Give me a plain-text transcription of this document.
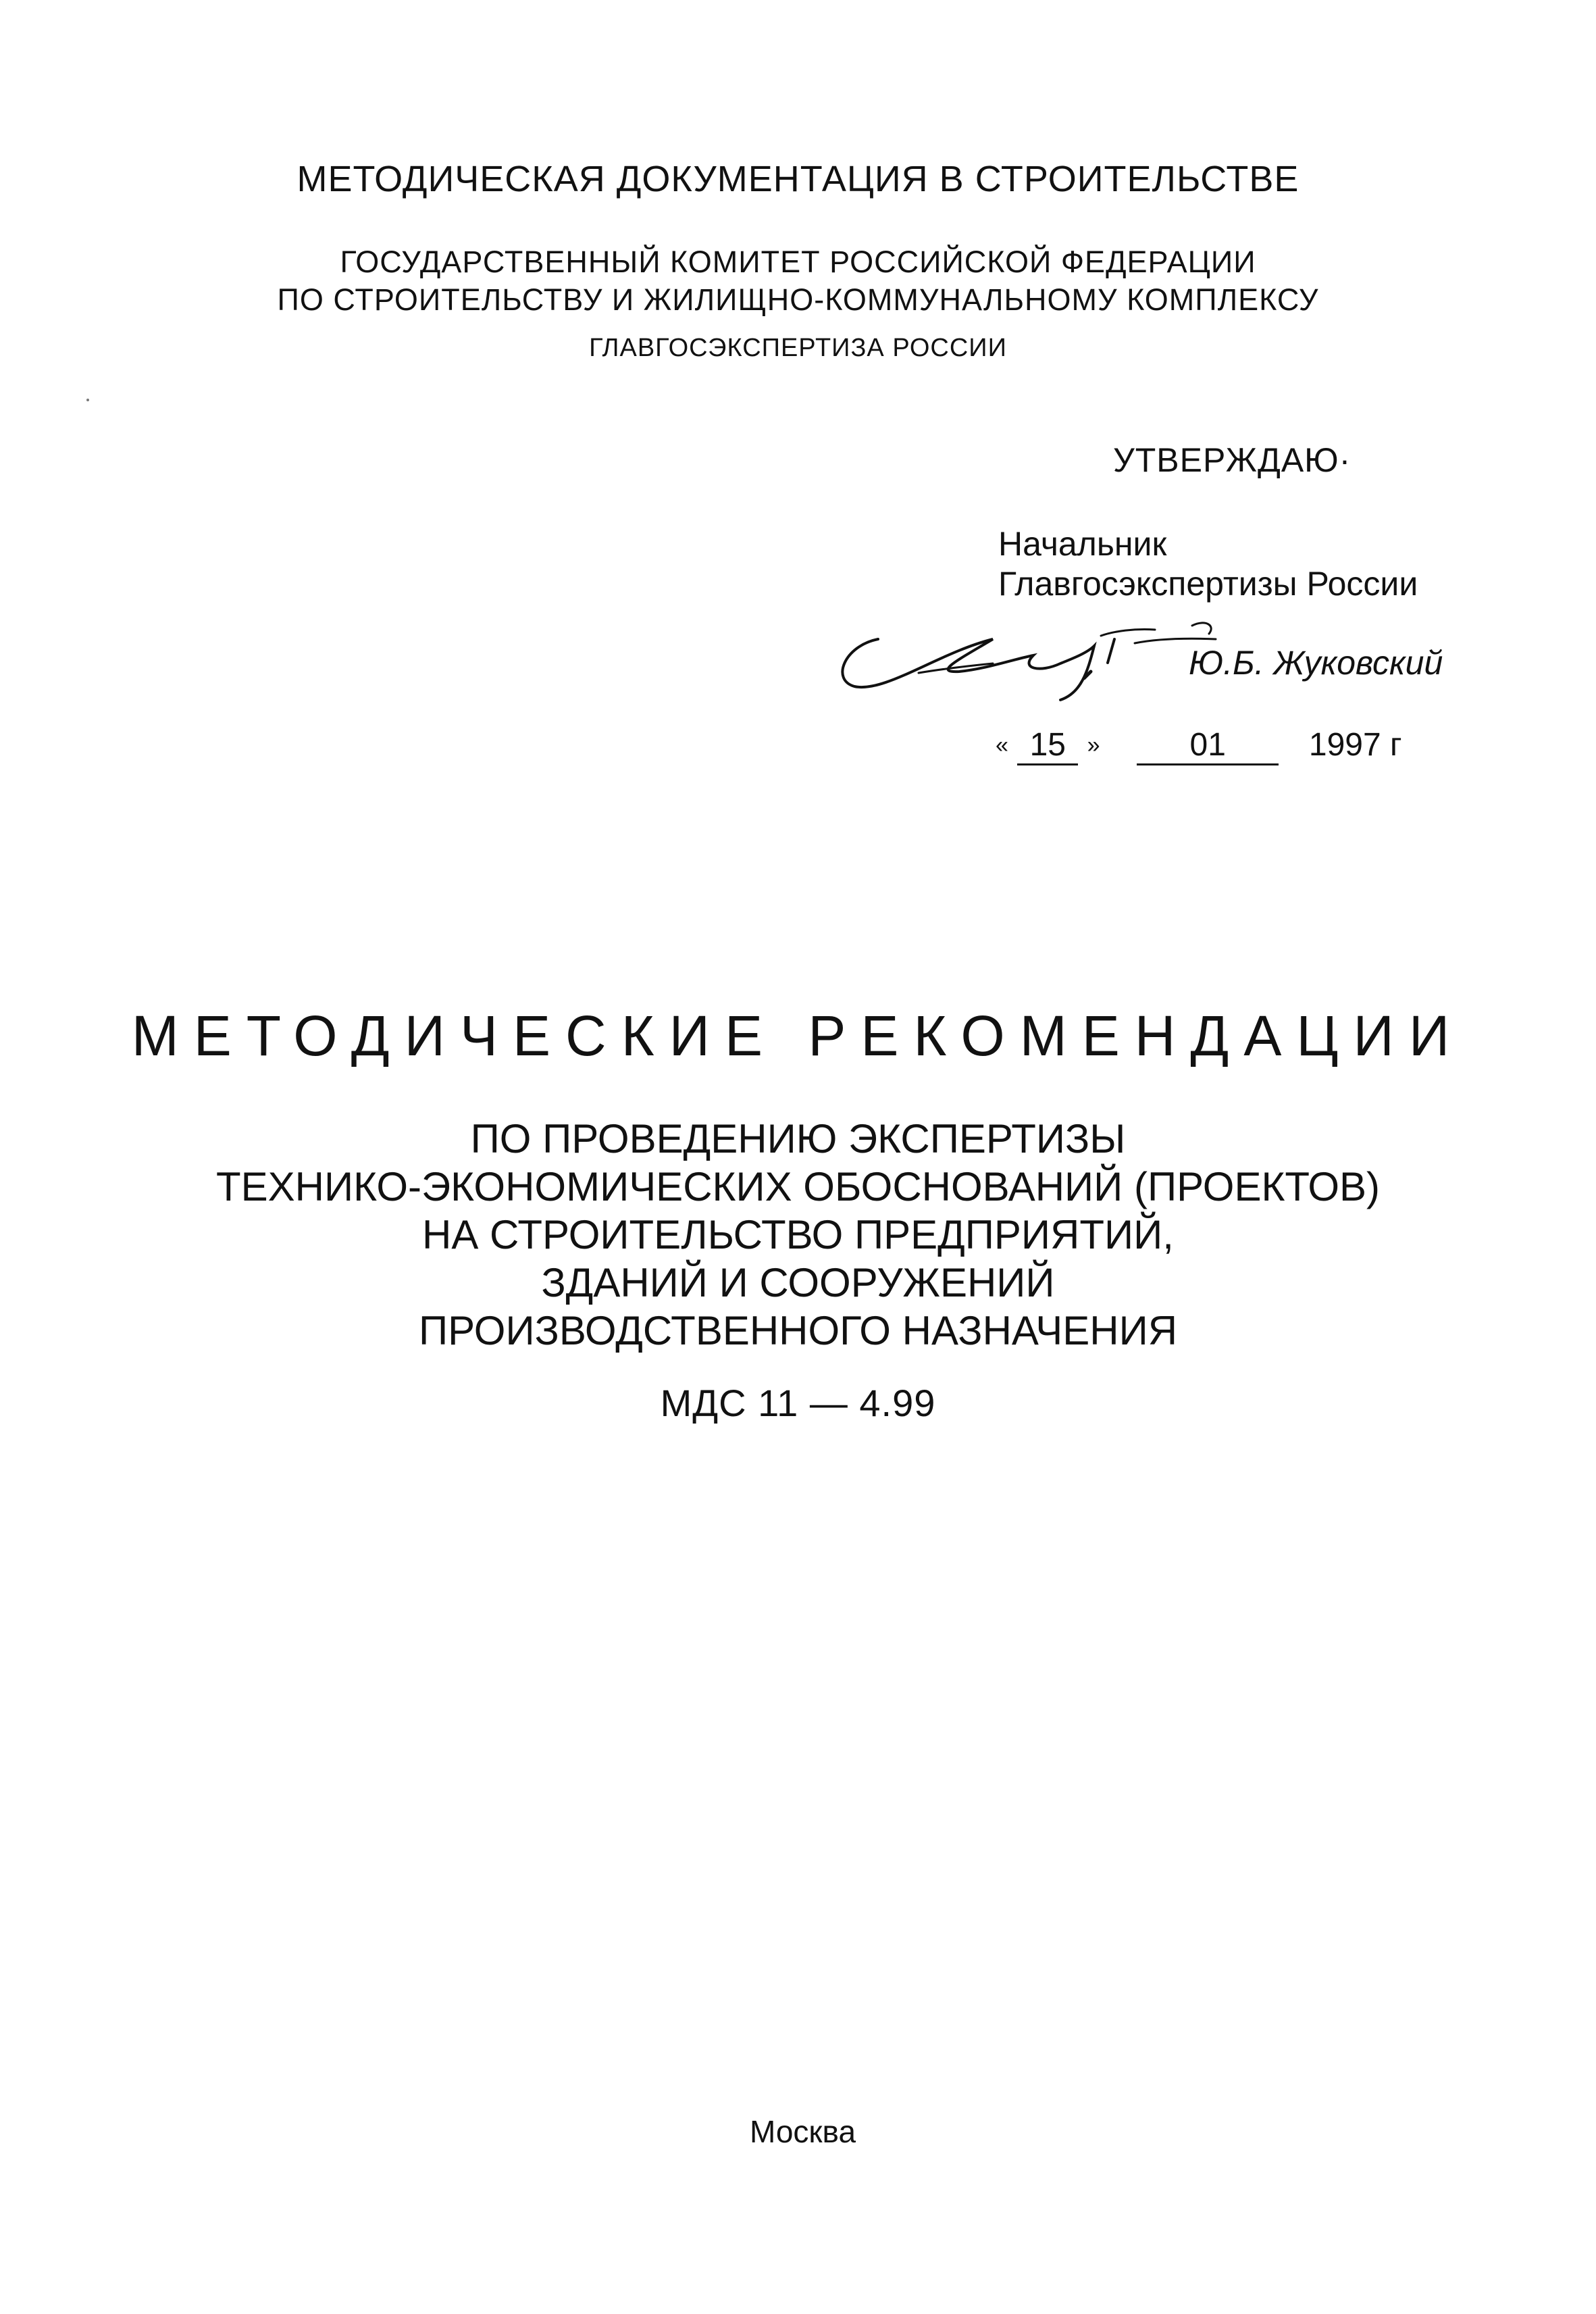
МЕТОДИЧЕСКАЯ ДОКУМЕНТАЦИЯ В СТРОИТЕЛЬСТВЕ
ГОСУДАРСТВЕННЫЙ КОМИТЕТ РОССИЙСКОЙ ФЕДЕРАЦИИ
ПО СТРОИТЕЛЬСТВУ И ЖИЛИЩНО-КОММУНАЛЬНОМУ КОМПЛЕКСУ
ГЛАВГОСЭКСПЕРТИЗА РОССИИ
УТВЕРЖДАЮ·
Начальник
Главгосэкспертизы России
Ю.Б. Жуковский
« 15 »	01	1997 г
МЕТОДИЧЕСКИЕ РЕКОМЕНДАЦИИ
ПО ПРОВЕДЕНИЮ ЭКСПЕРТИЗЫ
ТЕХНИКО-ЭКОНОМИЧЕСКИХ ОБОСНОВАНИЙ (ПРОЕКТОВ)
НА СТРОИТЕЛЬСТВО ПРЕДПРИЯТИЙ,
ЗДАНИЙ И СООРУЖЕНИЙ
ПРОИЗВОДСТВЕННОГО НАЗНАЧЕНИЯ
МДС 11 — 4.99
Москва
